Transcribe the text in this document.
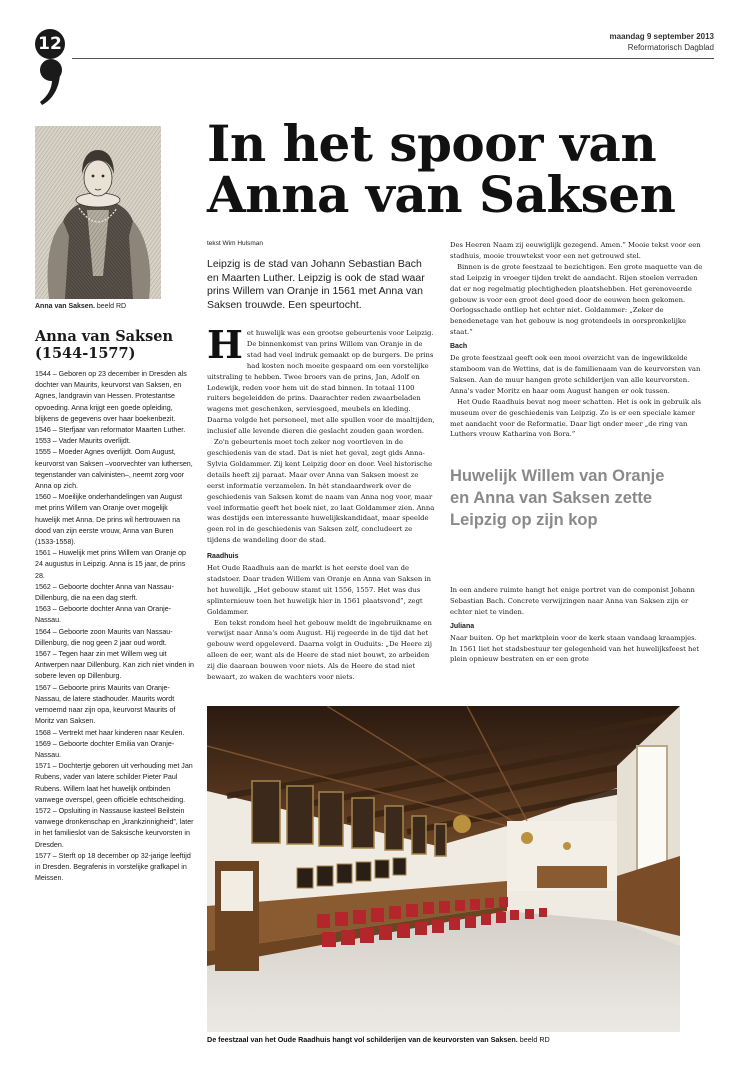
12	maandag 9 september 2013
Reformatorisch Dagblad
Anna van Saksen. beeld RD
Anna van Saksen (1544-1577)
1544 – Geboren op 23 december in Dresden als dochter van Maurits, keurvorst van Saksen, en Agnes, landgravin van Hessen. Protestantse opvoeding. Anna krijgt een goede opleiding, blijkens de gegevens over haar boekenbezit.
1546 – Sterfjaar van reformator Maarten Luther.
1553 – Vader Maurits overlijdt.
1555 – Moeder Agnes overlijdt. Oom August, keurvorst van Saksen –voorvechter van luthersen, tegenstander van calvinisten–, neemt zorg voor Anna op zich.
1560 – Moeilijke onderhandelingen van August met prins Willem van Oranje over mogelijk huwelijk met Anna. De prins wil hertrouwen na dood van zijn eerste vrouw, Anna van Buren (1533-1558).
1561 – Huwelijk met prins Willem van Oranje op 24 augustus in Leipzig. Anna is 15 jaar, de prins 28.
1562 – Geboorte dochter Anna van Nassau-Dillenburg, die na een dag sterft.
1563 – Geboorte dochter Anna van Oranje-Nassau.
1564 – Geboorte zoon Maurits van Nassau-Dillenburg, die nog geen 2 jaar oud wordt.
1567 – Tegen haar zin met Willem weg uit Antwerpen naar Dillenburg. Kan zich niet vinden in sobere leven op Dillenburg.
1567 – Geboorte prins Maurits van Oranje-Nassau, de latere stadhouder. Maurits wordt vernoemd naar zijn opa, keurvorst Maurits of Moritz van Saksen.
1568 – Vertrekt met haar kinderen naar Keulen.
1569 – Geboorte dochter Emilia van Oranje-Nassau.
1571 – Dochtertje geboren uit verhouding met Jan Rubens, vader van latere schilder Pieter Paul Rubens. Willem laat het huwelijk ontbinden vanwege overspel, geen officiële echtscheiding.
1572 – Opsluiting in Nassause kasteel Beilstein vanwege dronkenschap en „krankzinnigheid”, later in het familieslot van de Saksische keurvorsten in Dresden.
1577 – Sterft op 18 december op 32-jarige leeftijd in Dresden. Begrafenis in vorstelijke grafkapel in Meissen.
In het spoor van Anna van Saksen
tekst Wim Hulsman
Leipzig is de stad van Johann Sebastian Bach en Maarten Luther. Leipzig is ook de stad waar prins Willem van Oranje in 1561 met Anna van Saksen trouwde. Een speurtocht.

Het huwelijk was een grootse gebeurtenis voor Leipzig. De binnenkomst van prins Willem van Oranje in de stad had veel indruk gemaakt op de burgers. De prins had kosten noch moeite gespaard om een vorstelijke uitstraling te hebben. Twee broers van de prins, Jan, Adolf en Lodewijk, reden voor hem uit de stad binnen. In totaal 1100 ruiters begeleidden de prins. Daarachter reden zwaarbeladen wagens met geschenken, serviesgoed, meubels en kleding. Daarna volgde het personeel, met alle spullen voor de maaltijden, inclusief alle levende dieren die geslacht zouden gaan worden.

Zo'n gebeurtenis moet toch zeker nog voortleven in de geschiedenis van de stad. Dat is niet het geval, zegt gids Anna-Sylvia Goldammer. Zij kent Leipzig door en door. Veel historische details heeft zij paraat. Maar over Anna van Saksen moest ze eerst informatie verzamelen. In hét standaardwerk over de geschiedenis van Saksen komt de naam van Anna nog voor, maar veel informatie geeft het boek niet, zo laat Goldammer zien. Anna was destijds een interessante huwelijkskandidaat, maar speelde geen rol in de geschiedenis van Saksen zelf, concludeert ze tijdens de wandeling door de stad.

Raadhuis

Het Oude Raadhuis aan de markt is het eerste doel van de stadstoer. Daar traden Willem van Oranje en Anna van Saksen in het huwelijk. „Het gebouw stamt uit 1556, 1557. Het was dus splinternieuw toen het huwelijk hier in 1561 plaatsvond”, zegt Goldammer.

Een tekst rondom heel het gebouw meldt de ingebruikname en verwijst naar Anna's oom August. Hij regeerde in de tijd dat het gebouw werd opgeleverd. Daarna volgt in Ouduits: „De Heere zij alleen de eer, want als de Heere de stad niet bouwt, zo arbeiden zij die daaraan bouwen voor niets. Als de Heere de stad niet bewaart, zo waken de wachters voor niets.

Des Heeren Naam zij eeuwiglijk gezegend. Amen.” Mooie tekst voor een stadhuis, mooie trouwtekst voor een net getrouwd stel.

Binnen is de grote feestzaal te bezichtigen. Een grote maquette van de stad Leipzig in vroeger tijden trekt de aandacht. Rijen stoelen verraden dat er nog regelmatig plechtigheden plaatshebben. Het gerenoveerde gebouw is voor een groot deel goed door de eeuwen heen gekomen. Oorlogsschade ontliep het echter niet. Goldammer: „Zeker de benedenetage van het gebouw is nog grotendeels in oorspronkelijke staat.”

Bach

De grote feestzaal geeft ook een mooi overzicht van de ingewikkelde stamboom van de Wettins, dat is de familienaam van de keurvorsten van Saksen. Aan de muur hangen grote schilderijen van alle keurvorsten. Anna's vader Moritz en haar oom August hangen er ook tussen.

Het Oude Raadhuis bevat nog meer schatten. Het is ook in gebruik als museum over de geschiedenis van Leipzig. Zo is er een speciale kamer met aandacht voor de Reformatie. Daar ligt onder meer „de ring van Luthers vrouw Katharina von Bora.”

Huwelijk Willem van Oranje en Anna van Saksen zette Leipzig op zijn kop

In een andere ruimte hangt het enige portret van de componist Johann Sebastian Bach. Concrete verwijzingen naar Anna van Saksen zijn er echter niet te vinden.

Juliana

Naar buiten. Op het marktplein voor de kerk staan vandaag kraampjes. In 1561 liet het stadsbestuur ter gelegenheid van het huwelijksfeest het plein opnieuw bestraten en er een grote

De feestzaal van het Oude Raadhuis hangt vol schilderijen van de keurvorsten van Saksen. beeld RD
